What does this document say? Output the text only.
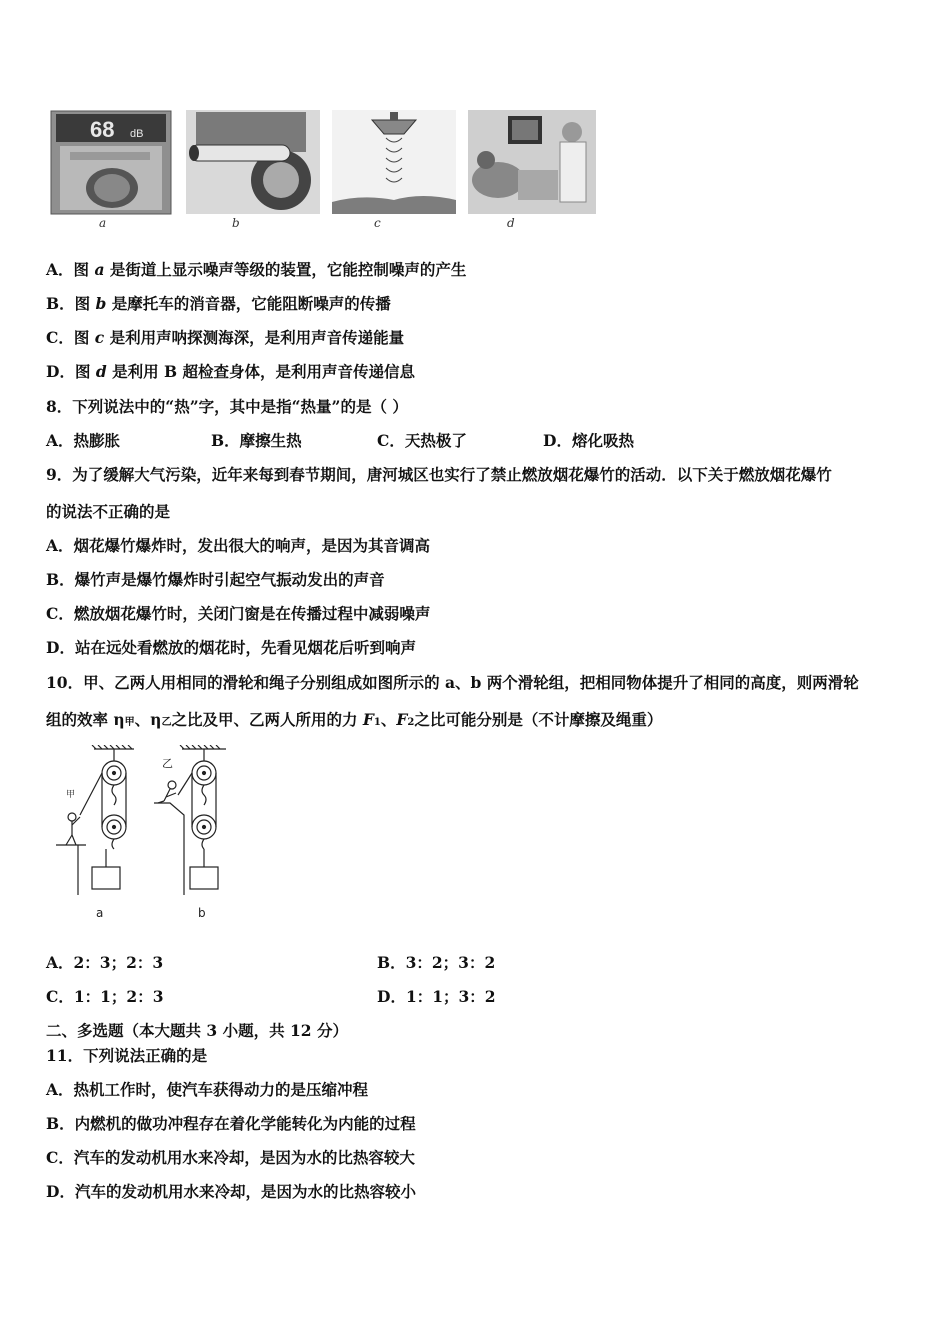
68 dB
a	b	c	d
A．图 a 是街道上显示噪声等级的装置，它能控制噪声的产生
B．图 b 是摩托车的消音器，它能阻断噪声的传播
C．图 c 是利用声呐探测海深，是利用声音传递能量
D．图 d 是利用 B 超检查身体，是利用声音传递信息
8．下列说法中的“热”字，其中是指“热量”的是（ ）
A．热膨胀	B．摩擦生热	C．天热极了	D．熔化吸热
9．为了缓解大气污染，近年来每到春节期间，唐河城区也实行了禁止燃放烟花爆竹的活动．以下关于燃放烟花爆竹
的说法不正确的是
A．烟花爆竹爆炸时，发出很大的响声，是因为其音调高
B．爆竹声是爆竹爆炸时引起空气振动发出的声音
C．燃放烟花爆竹时，关闭门窗是在传播过程中减弱噪声
D．站在远处看燃放的烟花时，先看见烟花后听到响声
10．甲、乙两人用相同的滑轮和绳子分别组成如图所示的 a、b 两个滑轮组，把相同物体提升了相同的高度，则两滑轮
组的效率 η甲、η乙之比及甲、乙两人所用的力 F1、F2之比可能分别是（不计摩擦及绳重）
甲
乙
a	b
A．2：3；2：3	B．3：2；3：2
C．1：1；2：3	D．1：1；3：2
二、多选题（本大题共 3 小题，共 12 分）
11．下列说法正确的是
A．热机工作时，使汽车获得动力的是压缩冲程
B．内燃机的做功冲程存在着化学能转化为内能的过程
C．汽车的发动机用水来冷却，是因为水的比热容较大
D．汽车的发动机用水来冷却，是因为水的比热容较小
